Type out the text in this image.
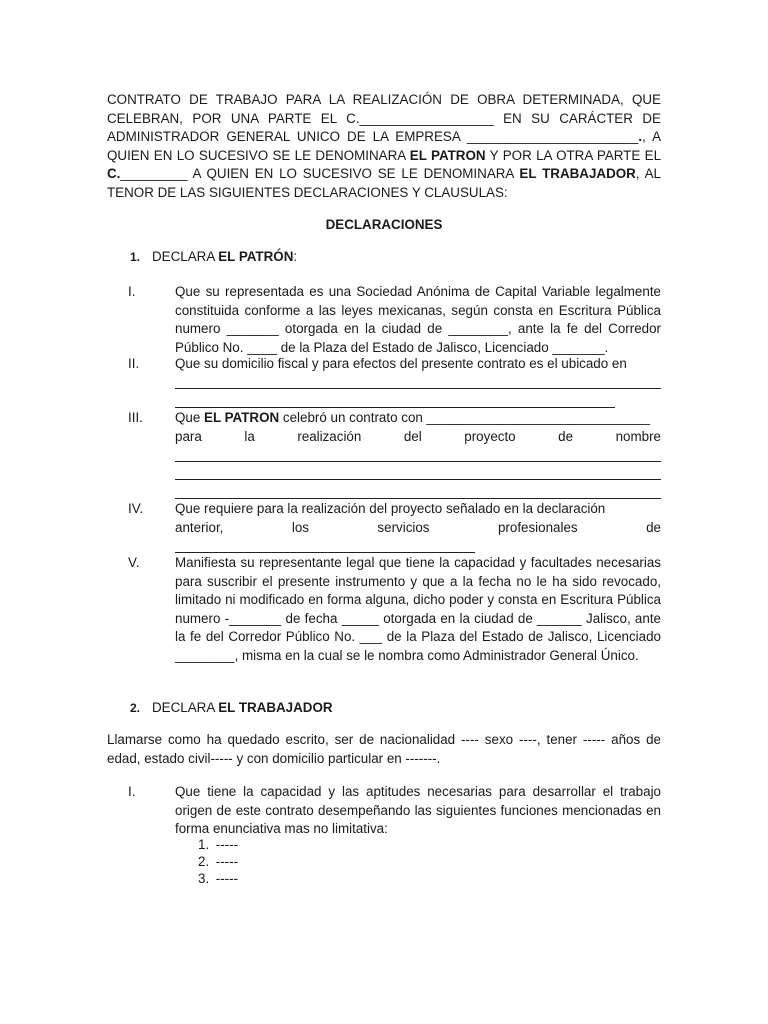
CONTRATO DE TRABAJO PARA LA REALIZACIÓN DE OBRA DETERMINADA, QUE CELEBRAN, POR UNA PARTE EL C.__________________ EN SU CARÁCTER DE ADMINISTRADOR GENERAL UNICO DE LA EMPRESA _______________________., A QUIEN EN LO SUCESIVO SE LE DENOMINARA EL PATRON Y POR LA OTRA PARTE EL C._________ A QUIEN EN LO SUCESIVO SE LE DENOMINARA EL TRABAJADOR, AL TENOR DE LAS SIGUIENTES DECLARACIONES Y CLAUSULAS:

DECLARACIONES

1. DECLARA EL PATRÓN:
I.	Que su representada es una Sociedad Anónima de Capital Variable legalmente constituida conforme a las leyes mexicanas, según consta en Escritura Pública numero _______ otorgada en la ciudad de ________, ante la fe del Corredor Público No. ____ de la Plaza del Estado de Jalisco, Licenciado _______.

II.	Que su domicilio fiscal y para efectos del presente contrato es el ubicado en
III. Que EL PATRON celebró un contrato con ______________________________
para	la	realización	del	proyecto	de	nombre
IV. Que requiere para la realización del proyecto señalado en la declaración
anterior,	los	servicios	profesionales	de
V.	Manifiesta su representante legal que tiene la capacidad y facultades necesarias para suscribir el presente instrumento y que a la fecha no le ha sido revocado, limitado ni modificado en forma alguna, dicho poder y consta en Escritura Pública numero -_______ de fecha _____ otorgada en la ciudad de ______ Jalisco, ante la fe del Corredor Público No. ___ de la Plaza del Estado de Jalisco, Licenciado ________, misma en la cual se le nombra como Administrador General Único.

2. DECLARA EL TRABAJADOR

Llamarse como ha quedado escrito, ser de nacionalidad ---- sexo ----, tener ----- años de edad, estado civil----- y con domicilio particular en -------.

I.	Que tiene la capacidad y las aptitudes necesarias para desarrollar el trabajo origen de este contrato desempeñando las siguientes funciones mencionadas en forma enunciativa mas no limitativa:

1. -----
2. -----
3. -----
